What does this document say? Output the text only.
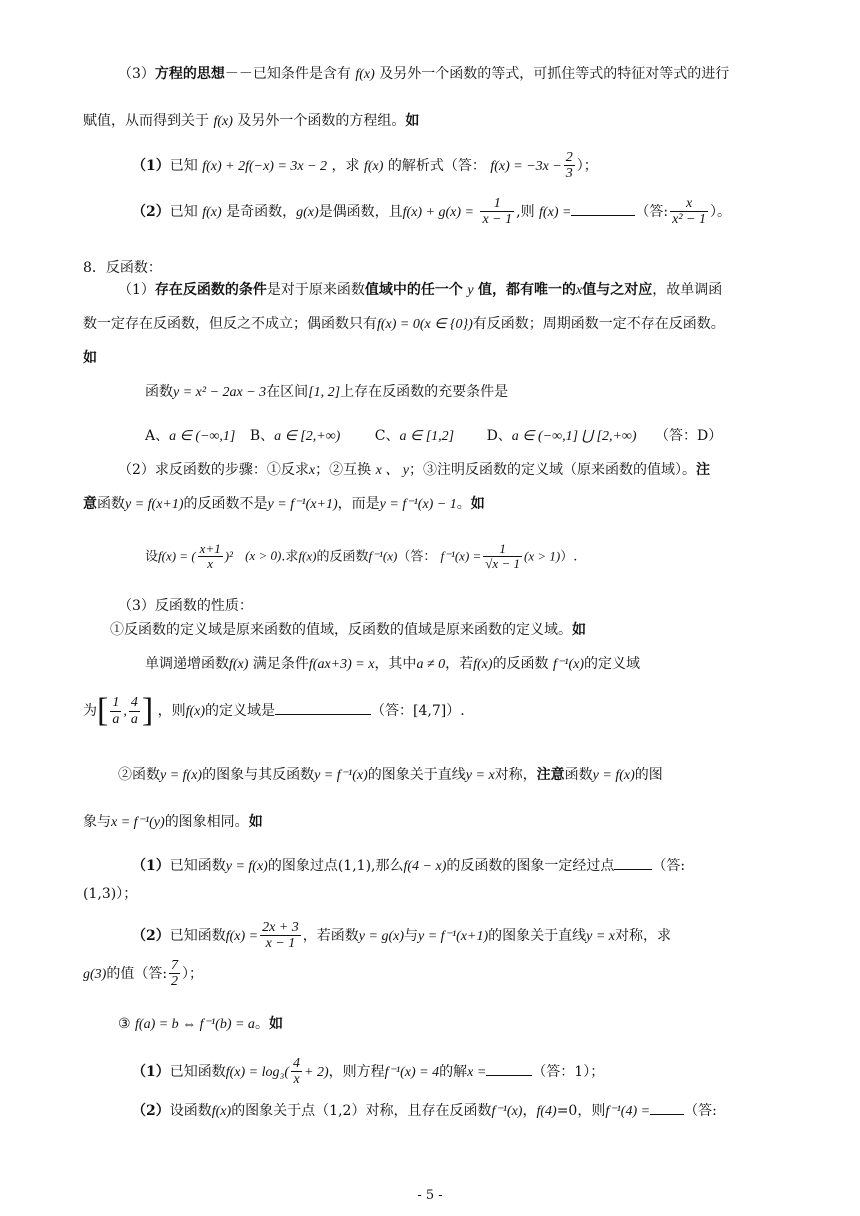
（3）方程的思想－－已知条件是含有 f(x) 及另外一个函数的等式，可抓住等式的特征对等式的进行
赋值，从而得到关于 f(x) 及另外一个函数的方程组。如
（1）已知 f(x) + 2f(−x) = 3x − 2 ，求 f(x) 的解析式（答： $f(x) = -3x - \frac{2}{3}$ ）；
（2）已知 f(x) 是奇函数，g(x)是偶函数，且$f(x) + g(x) = \frac{1}{x - 1}$ ,则 f(x) =	（答: $\frac{x}{\text{x² − 1}}$ ）。
8．反函数：
（1）存在反函数的条件是对于原来函数值域中的任一个 y 值，都有唯一的x值与之对应，故单调函
数一定存在反函数，但反之不成立；偶函数只有f(x) = 0(x ∈ {0})有反函数；周期函数一定不存在反函数。
如
函数y = x² − 2ax − 3在区间[1, 2]上存在反函数的充要条件是
A、a ∈ (−∞,1] B、a ∈ [2,+∞) C、a ∈ [1,2] D、a ∈ (−∞,1] ⋃ [2,+∞) （答：D）
（2）求反函数的步骤：①反求x；②互换 x 、 y；③注明反函数的定义域（原来函数的值域）。注
意函数y = f(x+1)的反函数不是y = f⁻¹(x+1)，而是y = f⁻¹(x) − 1。如
设f(x) = ( $\frac{x+1}{x} )^2$ (x > 0).求f(x)的反函数f⁻¹(x)（答： $f^{-1}(x) = \frac{1}{√x - 1} (x > 1)$）.
（3）反函数的性质：
①反函数的定义域是原来函数的值域，反函数的值域是原来函数的定义域。如
单调递增函数f(x) 满足条件f(ax+3) = x，其中a ≠ 0，若f(x)的反函数 f⁻¹(x)的定义域
为[ $\frac{1}{a}$ , $\frac{4}{a}$ ] ，则f(x)的定义域是	（答：[4,7]）.
②函数y = f(x)的图象与其反函数y = f⁻¹(x)的图象关于直线y = x对称，注意函数y = f(x)的图
象与x = f⁻¹(y)的图象相同。如
（1）已知函数y = f(x)的图象过点(1,1),那么f(4 − x)的反函数的图象一定经过点	（答:
(1,3)）；
（2）已知函数$f(x) = \frac{2x + 3}{x - 1}$ ，若函数y = g(x)与y = f⁻¹(x+1)的图象关于直线y = x对称，求
g(3)的值（答: $\frac{7}{2}$ ）；
③ f(a) = b ⇔ f⁻¹(b) = a。如
（1）已知函数$f(x) = \log_3( \frac{4}{x} + 2)$，则方程f⁻¹(x) = 4的解x =	（答：1）；
（2）设函数f(x)的图象关于点（1,2）对称，且存在反函数f⁻¹(x)，f(4)=0，则f⁻¹(4) = （答:
- 5 -
